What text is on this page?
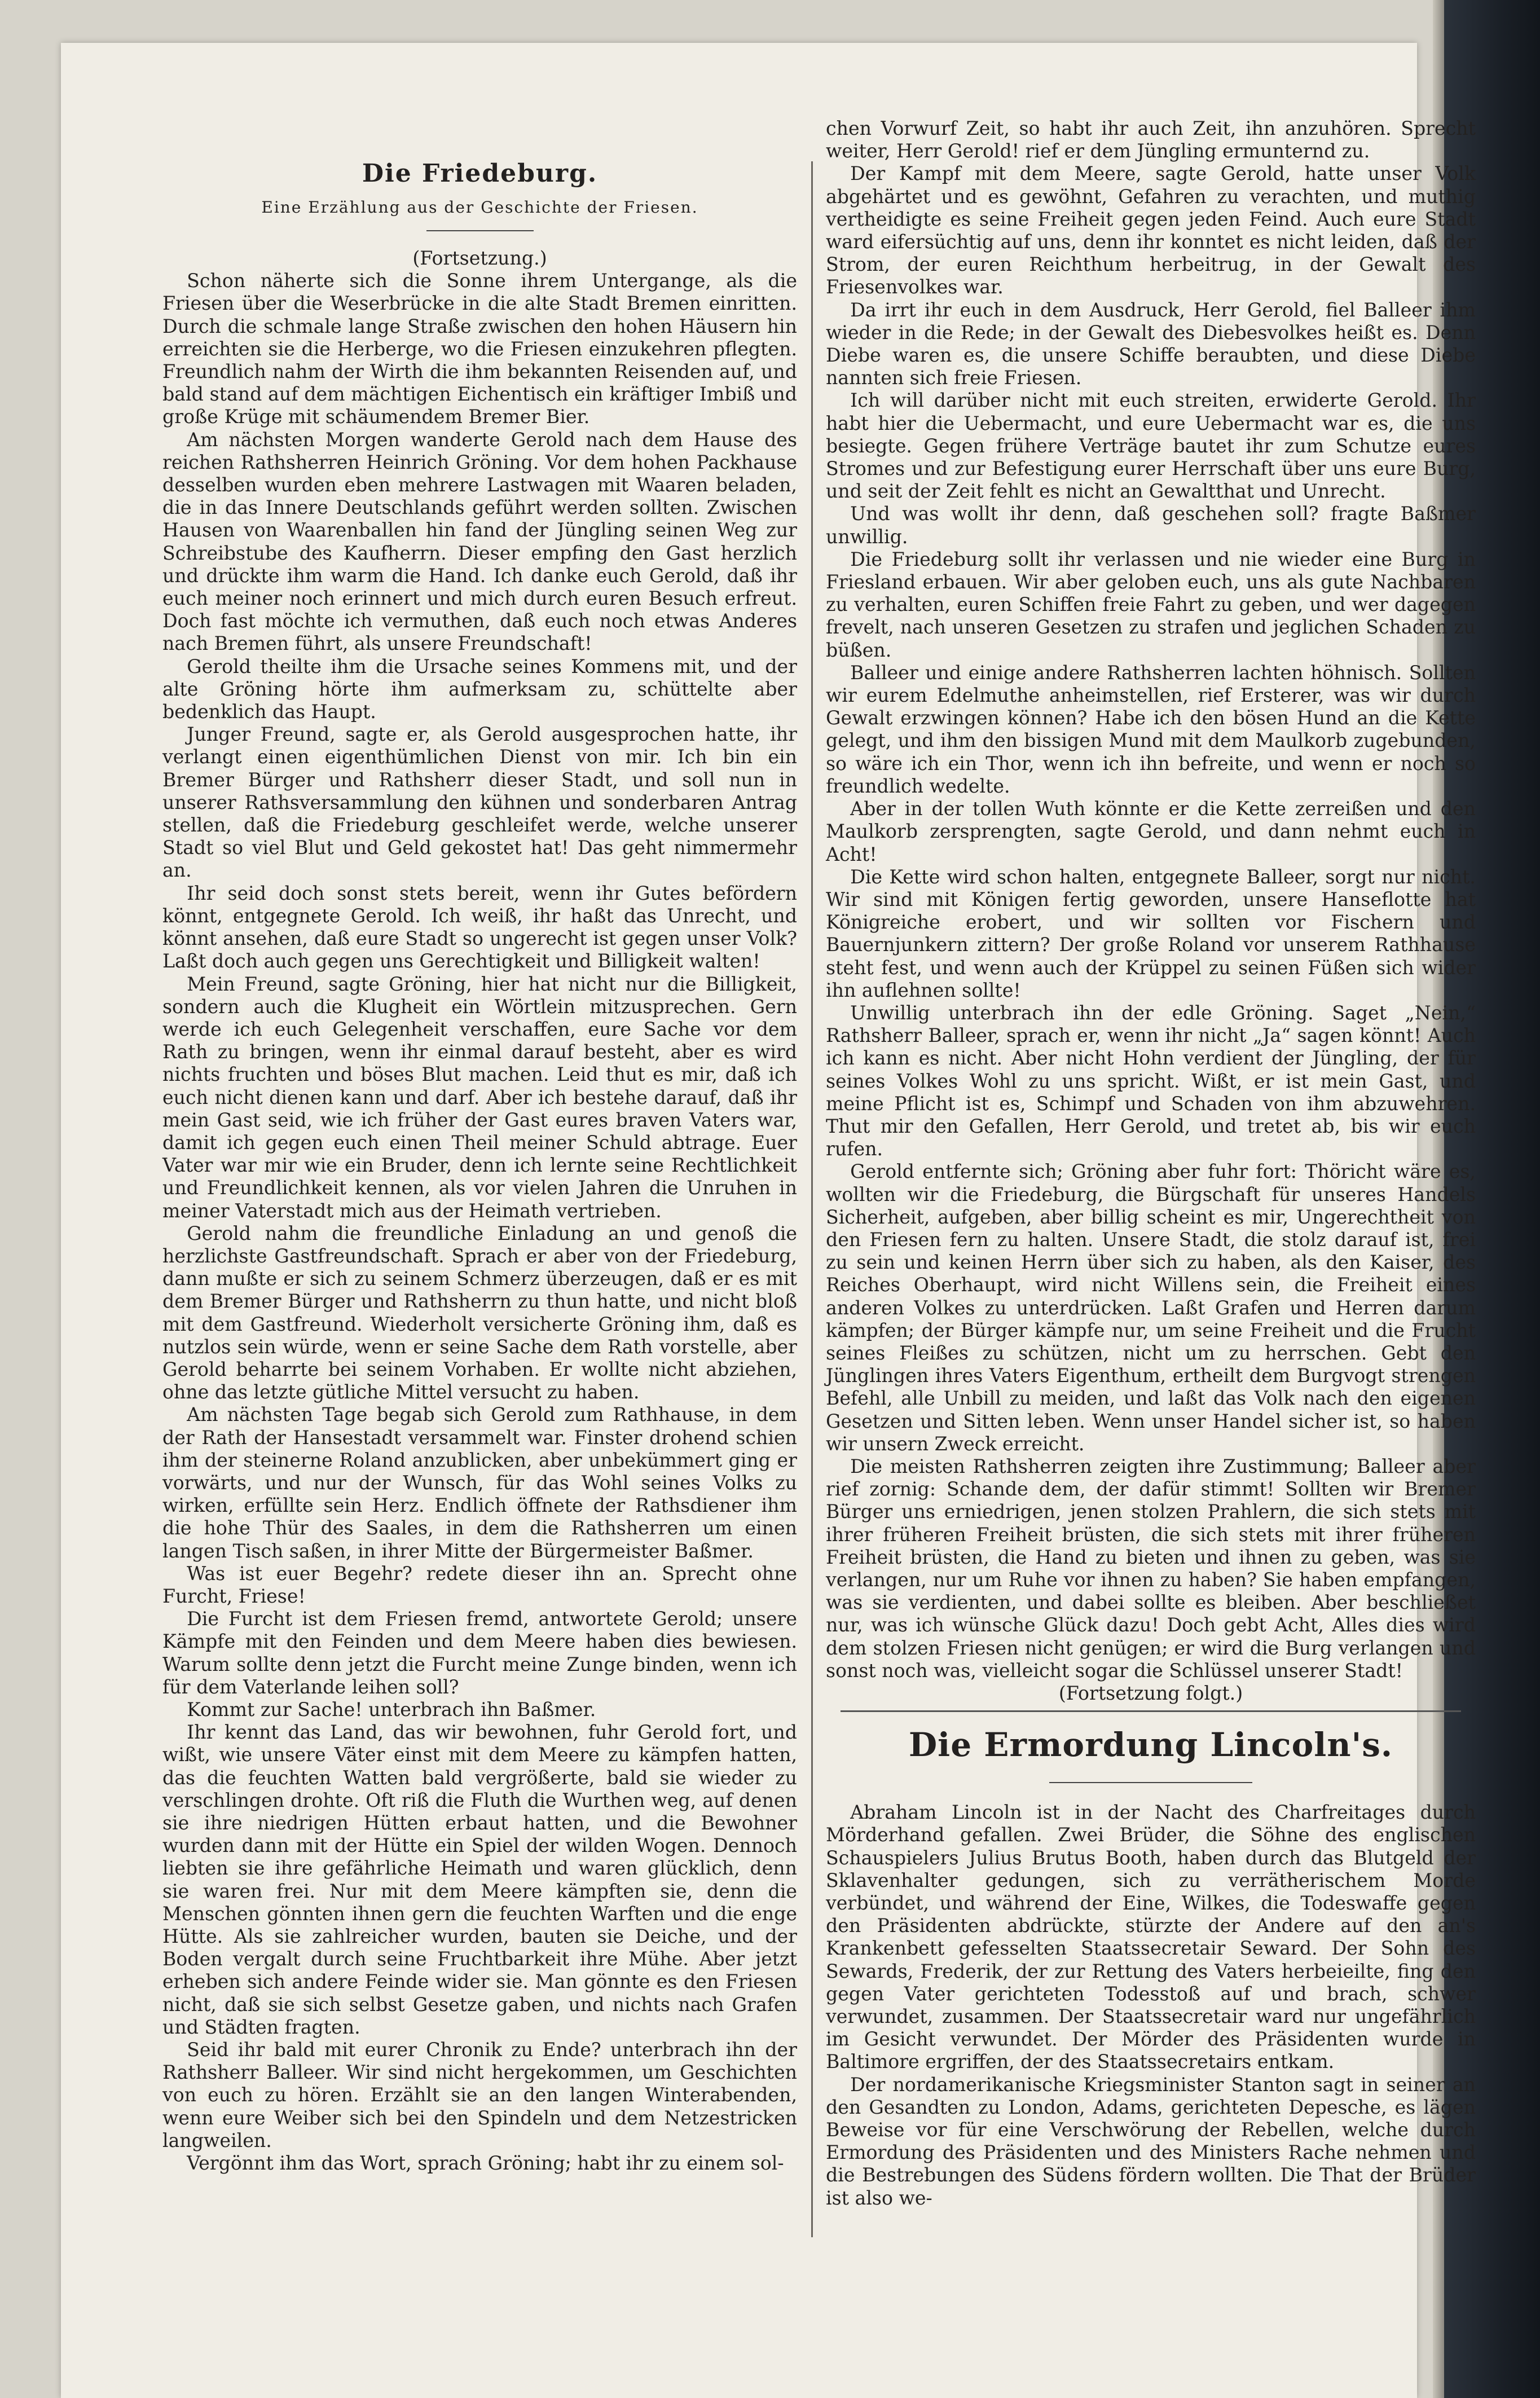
Die Friedeburg.
Eine Erzählung aus der Geschichte der Friesen.

(Fortsetzung.)

Schon näherte sich die Sonne ihrem Untergange, als die Friesen über die Weserbrücke in die alte Stadt Bremen einritten. Durch die schmale lange Straße zwischen den hohen Häusern hin erreichten sie die Herberge, wo die Friesen einzukehren pflegten. Freundlich nahm der Wirth die ihm bekannten Reisenden auf, und bald stand auf dem mächtigen Eichentisch ein kräftiger Imbiß und große Krüge mit schäumendem Bremer Bier.

Am nächsten Morgen wanderte Gerold nach dem Hause des reichen Rathsherren Heinrich Gröning. Vor dem hohen Packhause desselben wurden eben mehrere Lastwagen mit Waaren beladen, die in das Innere Deutschlands geführt werden sollten. Zwischen Hausen von Waarenballen hin fand der Jüngling seinen Weg zur Schreibstube des Kaufherrn. Dieser empfing den Gast herzlich und drückte ihm warm die Hand. Ich danke euch Gerold, daß ihr euch meiner noch erinnert und mich durch euren Besuch erfreut. Doch fast möchte ich vermuthen, daß euch noch etwas Anderes nach Bremen führt, als unsere Freundschaft!

Gerold theilte ihm die Ursache seines Kommens mit, und der alte Gröning hörte ihm aufmerksam zu, schüttelte aber bedenklich das Haupt.

Junger Freund, sagte er, als Gerold ausgesprochen hatte, ihr verlangt einen eigenthümlichen Dienst von mir. Ich bin ein Bremer Bürger und Rathsherr dieser Stadt, und soll nun in unserer Rathsversammlung den kühnen und sonderbaren Antrag stellen, daß die Friedeburg geschleifet werde, welche unserer Stadt so viel Blut und Geld gekostet hat! Das geht nimmermehr an.

Ihr seid doch sonst stets bereit, wenn ihr Gutes befördern könnt, entgegnete Gerold. Ich weiß, ihr haßt das Unrecht, und könnt ansehen, daß eure Stadt so ungerecht ist gegen unser Volk? Laßt doch auch gegen uns Gerechtigkeit und Billigkeit walten!

Mein Freund, sagte Gröning, hier hat nicht nur die Billigkeit, sondern auch die Klugheit ein Wörtlein mitzusprechen. Gern werde ich euch Gelegenheit verschaffen, eure Sache vor dem Rath zu bringen, wenn ihr einmal darauf besteht, aber es wird nichts fruchten und böses Blut machen. Leid thut es mir, daß ich euch nicht dienen kann und darf. Aber ich bestehe darauf, daß ihr mein Gast seid, wie ich früher der Gast eures braven Vaters war, damit ich gegen euch einen Theil meiner Schuld abtrage. Euer Vater war mir wie ein Bruder, denn ich lernte seine Rechtlichkeit und Freundlichkeit kennen, als vor vielen Jahren die Unruhen in meiner Vaterstadt mich aus der Heimath vertrieben.

Gerold nahm die freundliche Einladung an und genoß die herzlichste Gastfreundschaft. Sprach er aber von der Friedeburg, dann mußte er sich zu seinem Schmerz überzeugen, daß er es mit dem Bremer Bürger und Rathsherrn zu thun hatte, und nicht bloß mit dem Gastfreund. Wiederholt versicherte Gröning ihm, daß es nutzlos sein würde, wenn er seine Sache dem Rath vorstelle, aber Gerold beharrte bei seinem Vorhaben. Er wollte nicht abziehen, ohne das letzte gütliche Mittel versucht zu haben.

Am nächsten Tage begab sich Gerold zum Rathhause, in dem der Rath der Hansestadt versammelt war. Finster drohend schien ihm der steinerne Roland anzublicken, aber unbekümmert ging er vorwärts, und nur der Wunsch, für das Wohl seines Volks zu wirken, erfüllte sein Herz. Endlich öffnete der Rathsdiener ihm die hohe Thür des Saales, in dem die Rathsherren um einen langen Tisch saßen, in ihrer Mitte der Bürgermeister Baßmer.

Was ist euer Begehr? redete dieser ihn an. Sprecht ohne Furcht, Friese!

Die Furcht ist dem Friesen fremd, antwortete Gerold; unsere Kämpfe mit den Feinden und dem Meere haben dies bewiesen. Warum sollte denn jetzt die Furcht meine Zunge binden, wenn ich für dem Vaterlande leihen soll?

Kommt zur Sache! unterbrach ihn Baßmer.

Ihr kennt das Land, das wir bewohnen, fuhr Gerold fort, und wißt, wie unsere Väter einst mit dem Meere zu kämpfen hatten, das die feuchten Watten bald vergrößerte, bald sie wieder zu verschlingen drohte. Oft riß die Fluth die Wurthen weg, auf denen sie ihre niedrigen Hütten erbaut hatten, und die Bewohner wurden dann mit der Hütte ein Spiel der wilden Wogen. Dennoch liebten sie ihre gefährliche Heimath und waren glücklich, denn sie waren frei. Nur mit dem Meere kämpften sie, denn die Menschen gönnten ihnen gern die feuchten Warften und die enge Hütte. Als sie zahlreicher wurden, bauten sie Deiche, und der Boden vergalt durch seine Fruchtbarkeit ihre Mühe. Aber jetzt erheben sich andere Feinde wider sie. Man gönnte es den Friesen nicht, daß sie sich selbst Gesetze gaben, und nichts nach Grafen und Städten fragten.

Seid ihr bald mit eurer Chronik zu Ende? unterbrach ihn der Rathsherr Balleer. Wir sind nicht hergekommen, um Geschichten von euch zu hören. Erzählt sie an den langen Winterabenden, wenn eure Weiber sich bei den Spindeln und dem Netzestricken langweilen.

Vergönnt ihm das Wort, sprach Gröning; habt ihr zu einem sol-

chen Vorwurf Zeit, so habt ihr auch Zeit, ihn anzuhören. Sprecht weiter, Herr Gerold! rief er dem Jüngling ermunternd zu.

Der Kampf mit dem Meere, sagte Gerold, hatte unser Volk abgehärtet und es gewöhnt, Gefahren zu verachten, und muthig vertheidigte es seine Freiheit gegen jeden Feind. Auch eure Stadt ward eifersüchtig auf uns, denn ihr konntet es nicht leiden, daß der Strom, der euren Reichthum herbeitrug, in der Gewalt des Friesenvolkes war.

Da irrt ihr euch in dem Ausdruck, Herr Gerold, fiel Balleer ihm wieder in die Rede; in der Gewalt des Diebesvolkes heißt es. Denn Diebe waren es, die unsere Schiffe beraubten, und diese Diebe nannten sich freie Friesen.

Ich will darüber nicht mit euch streiten, erwiderte Gerold. Ihr habt hier die Uebermacht, und eure Uebermacht war es, die uns besiegte. Gegen frühere Verträge bautet ihr zum Schutze eures Stromes und zur Befestigung eurer Herrschaft über uns eure Burg, und seit der Zeit fehlt es nicht an Gewaltthat und Unrecht.

Und was wollt ihr denn, daß geschehen soll? fragte Baßmer unwillig.

Die Friedeburg sollt ihr verlassen und nie wieder eine Burg in Friesland erbauen. Wir aber geloben euch, uns als gute Nachbaren zu verhalten, euren Schiffen freie Fahrt zu geben, und wer dagegen frevelt, nach unseren Gesetzen zu strafen und jeglichen Schaden zu büßen.

Balleer und einige andere Rathsherren lachten höhnisch. Sollten wir eurem Edelmuthe anheimstellen, rief Ersterer, was wir durch Gewalt erzwingen können? Habe ich den bösen Hund an die Kette gelegt, und ihm den bissigen Mund mit dem Maulkorb zugebunden, so wäre ich ein Thor, wenn ich ihn befreite, und wenn er noch so freundlich wedelte.

Aber in der tollen Wuth könnte er die Kette zerreißen und den Maulkorb zersprengten, sagte Gerold, und dann nehmt euch in Acht!

Die Kette wird schon halten, entgegnete Balleer, sorgt nur nicht. Wir sind mit Königen fertig geworden, unsere Hanseflotte hat Königreiche erobert, und wir sollten vor Fischern und Bauernjunkern zittern? Der große Roland vor unserem Rathhause steht fest, und wenn auch der Krüppel zu seinen Füßen sich wider ihn auflehnen sollte!

Unwillig unterbrach ihn der edle Gröning. Saget „Nein,“ Rathsherr Balleer, sprach er, wenn ihr nicht „Ja“ sagen könnt! Auch ich kann es nicht. Aber nicht Hohn verdient der Jüngling, der für seines Volkes Wohl zu uns spricht. Wißt, er ist mein Gast, und meine Pflicht ist es, Schimpf und Schaden von ihm abzuwehren. Thut mir den Gefallen, Herr Gerold, und tretet ab, bis wir euch rufen.

Gerold entfernte sich; Gröning aber fuhr fort: Thöricht wäre es, wollten wir die Friedeburg, die Bürgschaft für unseres Handels Sicherheit, aufgeben, aber billig scheint es mir, Ungerechtheit von den Friesen fern zu halten. Unsere Stadt, die stolz darauf ist, frei zu sein und keinen Herrn über sich zu haben, als den Kaiser, des Reiches Oberhaupt, wird nicht Willens sein, die Freiheit eines anderen Volkes zu unterdrücken. Laßt Grafen und Herren darum kämpfen; der Bürger kämpfe nur, um seine Freiheit und die Frucht seines Fleißes zu schützen, nicht um zu herrschen. Gebt den Jünglingen ihres Vaters Eigenthum, ertheilt dem Burgvogt strengen Befehl, alle Unbill zu meiden, und laßt das Volk nach den eigenen Gesetzen und Sitten leben. Wenn unser Handel sicher ist, so haben wir unsern Zweck erreicht.

Die meisten Rathsherren zeigten ihre Zustimmung; Balleer aber rief zornig: Schande dem, der dafür stimmt! Sollten wir Bremer Bürger uns erniedrigen, jenen stolzen Prahlern, die sich stets mit ihrer früheren Freiheit brüsten, die sich stets mit ihrer früheren Freiheit brüsten, die Hand zu bieten und ihnen zu geben, was sie verlangen, nur um Ruhe vor ihnen zu haben? Sie haben empfangen, was sie verdienten, und dabei sollte es bleiben. Aber beschließet nur, was ich wünsche Glück dazu! Doch gebt Acht, Alles dies wird dem stolzen Friesen nicht genügen; er wird die Burg verlangen und sonst noch was, vielleicht sogar die Schlüssel unserer Stadt!

(Fortsetzung folgt.)

Die Ermordung Lincoln's.

Abraham Lincoln ist in der Nacht des Charfreitages durch Mörderhand gefallen. Zwei Brüder, die Söhne des englischen Schauspielers Julius Brutus Booth, haben durch das Blutgeld der Sklavenhalter gedungen, sich zu verrätherischem Morde verbündet, und während der Eine, Wilkes, die Todeswaffe gegen den Präsidenten abdrückte, stürzte der Andere auf den an's Krankenbett gefesselten Staatssecretair Seward. Der Sohn des Sewards, Frederik, der zur Rettung des Vaters herbeieilte, fing den gegen Vater gerichteten Todesstoß auf und brach, schwer verwundet, zusammen. Der Staatssecretair ward nur ungefährlich im Gesicht verwundet. Der Mörder des Präsidenten wurde in Baltimore ergriffen, der des Staatssecretairs entkam.

Der nordamerikanische Kriegsminister Stanton sagt in seiner an den Gesandten zu London, Adams, gerichteten Depesche, es lägen Beweise vor für eine Verschwörung der Rebellen, welche durch Ermordung des Präsidenten und des Ministers Rache nehmen und die Bestrebungen des Südens fördern wollten. Die That der Brüder ist also we-
